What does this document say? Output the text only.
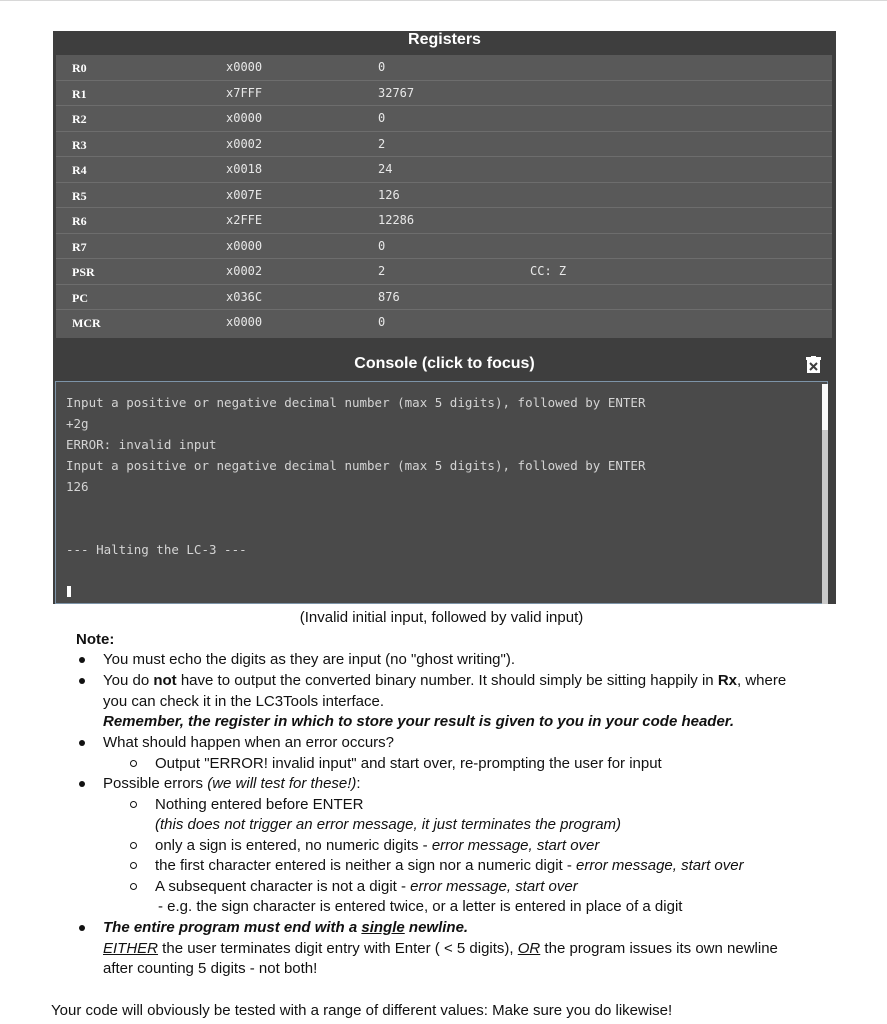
Registers
R0	x0000	0
R1	x7FFF	32767
R2	x0000	0
R3	x0002	2
R4	x0018	24
R5	x007E	126
R6	x2FFE	12286
R7	x0000	0
PSR	x0002	2	CC: Z
PC	x036C	876
MCR	x0000	0
Console (click to focus)
Input a positive or negative decimal number (max 5 digits), followed by ENTER
+2g
ERROR: invalid input
Input a positive or negative decimal number (max 5 digits), followed by ENTER
126
--- Halting the LC-3 ---
(Invalid initial input, followed by valid input)
Note:
You must echo the digits as they are input (no "ghost writing").
You do not have to output the converted binary number. It should simply be sitting happily in Rx, where
you can check it in the LC3Tools interface.
Remember, the register in which to store your result is given to you in your code header.
What should happen when an error occurs?
Output "ERROR! invalid input" and start over, re-prompting the user for input
Possible errors (we will test for these!):
Nothing entered before ENTER
(this does not trigger an error message, it just terminates the program)
only a sign is entered, no numeric digits - error message, start over
the first character entered is neither a sign nor a numeric digit - error message, start over
A subsequent character is not a digit - error message, start over
- e.g. the sign character is entered twice, or a letter is entered in place of a digit
The entire program must end with a single newline.
EITHER the user terminates digit entry with Enter ( < 5 digits), OR the program issues its own newline
after counting 5 digits - not both!
Your code will obviously be tested with a range of different values: Make sure you do likewise!
